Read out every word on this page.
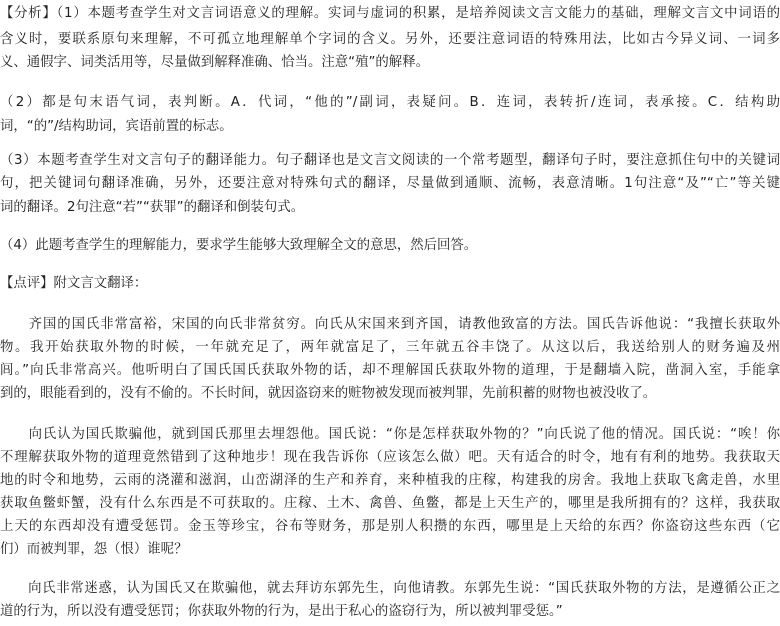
【分析】（1）本题考查学生对文言词语意义的理解。实词与虚词的积累，是培养阅读文言文能力的基础，理解文言文中词语的
含义时，要联系原句来理解，不可孤立地理解单个字词的含义。另外，还要注意词语的特殊用法，比如古今异义词、一词多
义、通假字、词类活用等，尽量做到解释准确、恰当。注意“殖”的解释。
（2）都是句末语气词，表判断。A．代词，“他的”/副词，表疑问。B．连词，表转折/连词，表承接。C．结构助
词，“的”/结构助词，宾语前置的标志。
（3）本题考查学生对文言句子的翻译能力。句子翻译也是文言文阅读的一个常考题型，翻译句子时，要注意抓住句中的关键词
句，把关键词句翻译准确，另外，还要注意对特殊句式的翻译，尽量做到通顺、流畅，表意清晰。1句注意“及”“亡”等关键
词的翻译。2句注意“若”“获罪”的翻译和倒装句式。
（4）此题考查学生的理解能力，要求学生能够大致理解全文的意思，然后回答。
【点评】附文言文翻译：
　　齐国的国氏非常富裕，宋国的向氏非常贫穷。向氏从宋国来到齐国，请教他致富的方法。国氏告诉他说：“我擅长获取外
物。我开始获取外物的时候，一年就充足了，两年就富足了，三年就五谷丰饶了。从这以后，我送给别人的财务遍及州
闾。”向氏非常高兴。他听明白了国氏国氏获取外物的话，却不理解国氏获取外物的道理，于是翻墙入院，凿洞入室，手能拿
到的，眼能看到的，没有不偷的。不长时间，就因盗窃来的赃物被发现而被判罪，先前积蓄的财物也被没收了。
　　向氏认为国氏欺骗他，就到国氏那里去埋怨他。国氏说：“你是怎样获取外物的？”向氏说了他的情况。国氏说：“唉！你
不理解获取外物的道理竟然错到了这种地步！现在我告诉你（应该怎么做）吧。天有适合的时令，地有有利的地势。我获取天
地的时令和地势，云雨的浇灌和滋润，山峦湖泽的生产和养育，来种植我的庄稼，构建我的房舍。我地上获取飞禽走兽，水里
获取鱼鳖虾蟹，没有什么东西是不可获取的。庄稼、土木、禽兽、鱼鳖，都是上天生产的，哪里是我所拥有的？这样，我获取
上天的东西却没有遭受惩罚。金玉等珍宝，谷布等财务，那是别人积攒的东西，哪里是上天给的东西？你盗窃这些东西（它
们）而被判罪，怨（恨）谁呢？
　　向氏非常迷惑，认为国氏又在欺骗他，就去拜访东郭先生，向他请教。东郭先生说：“国氏获取外物的方法，是遵循公正之
道的行为，所以没有遭受惩罚；你获取外物的行为，是出于私心的盗窃行为，所以被判罪受惩。”
